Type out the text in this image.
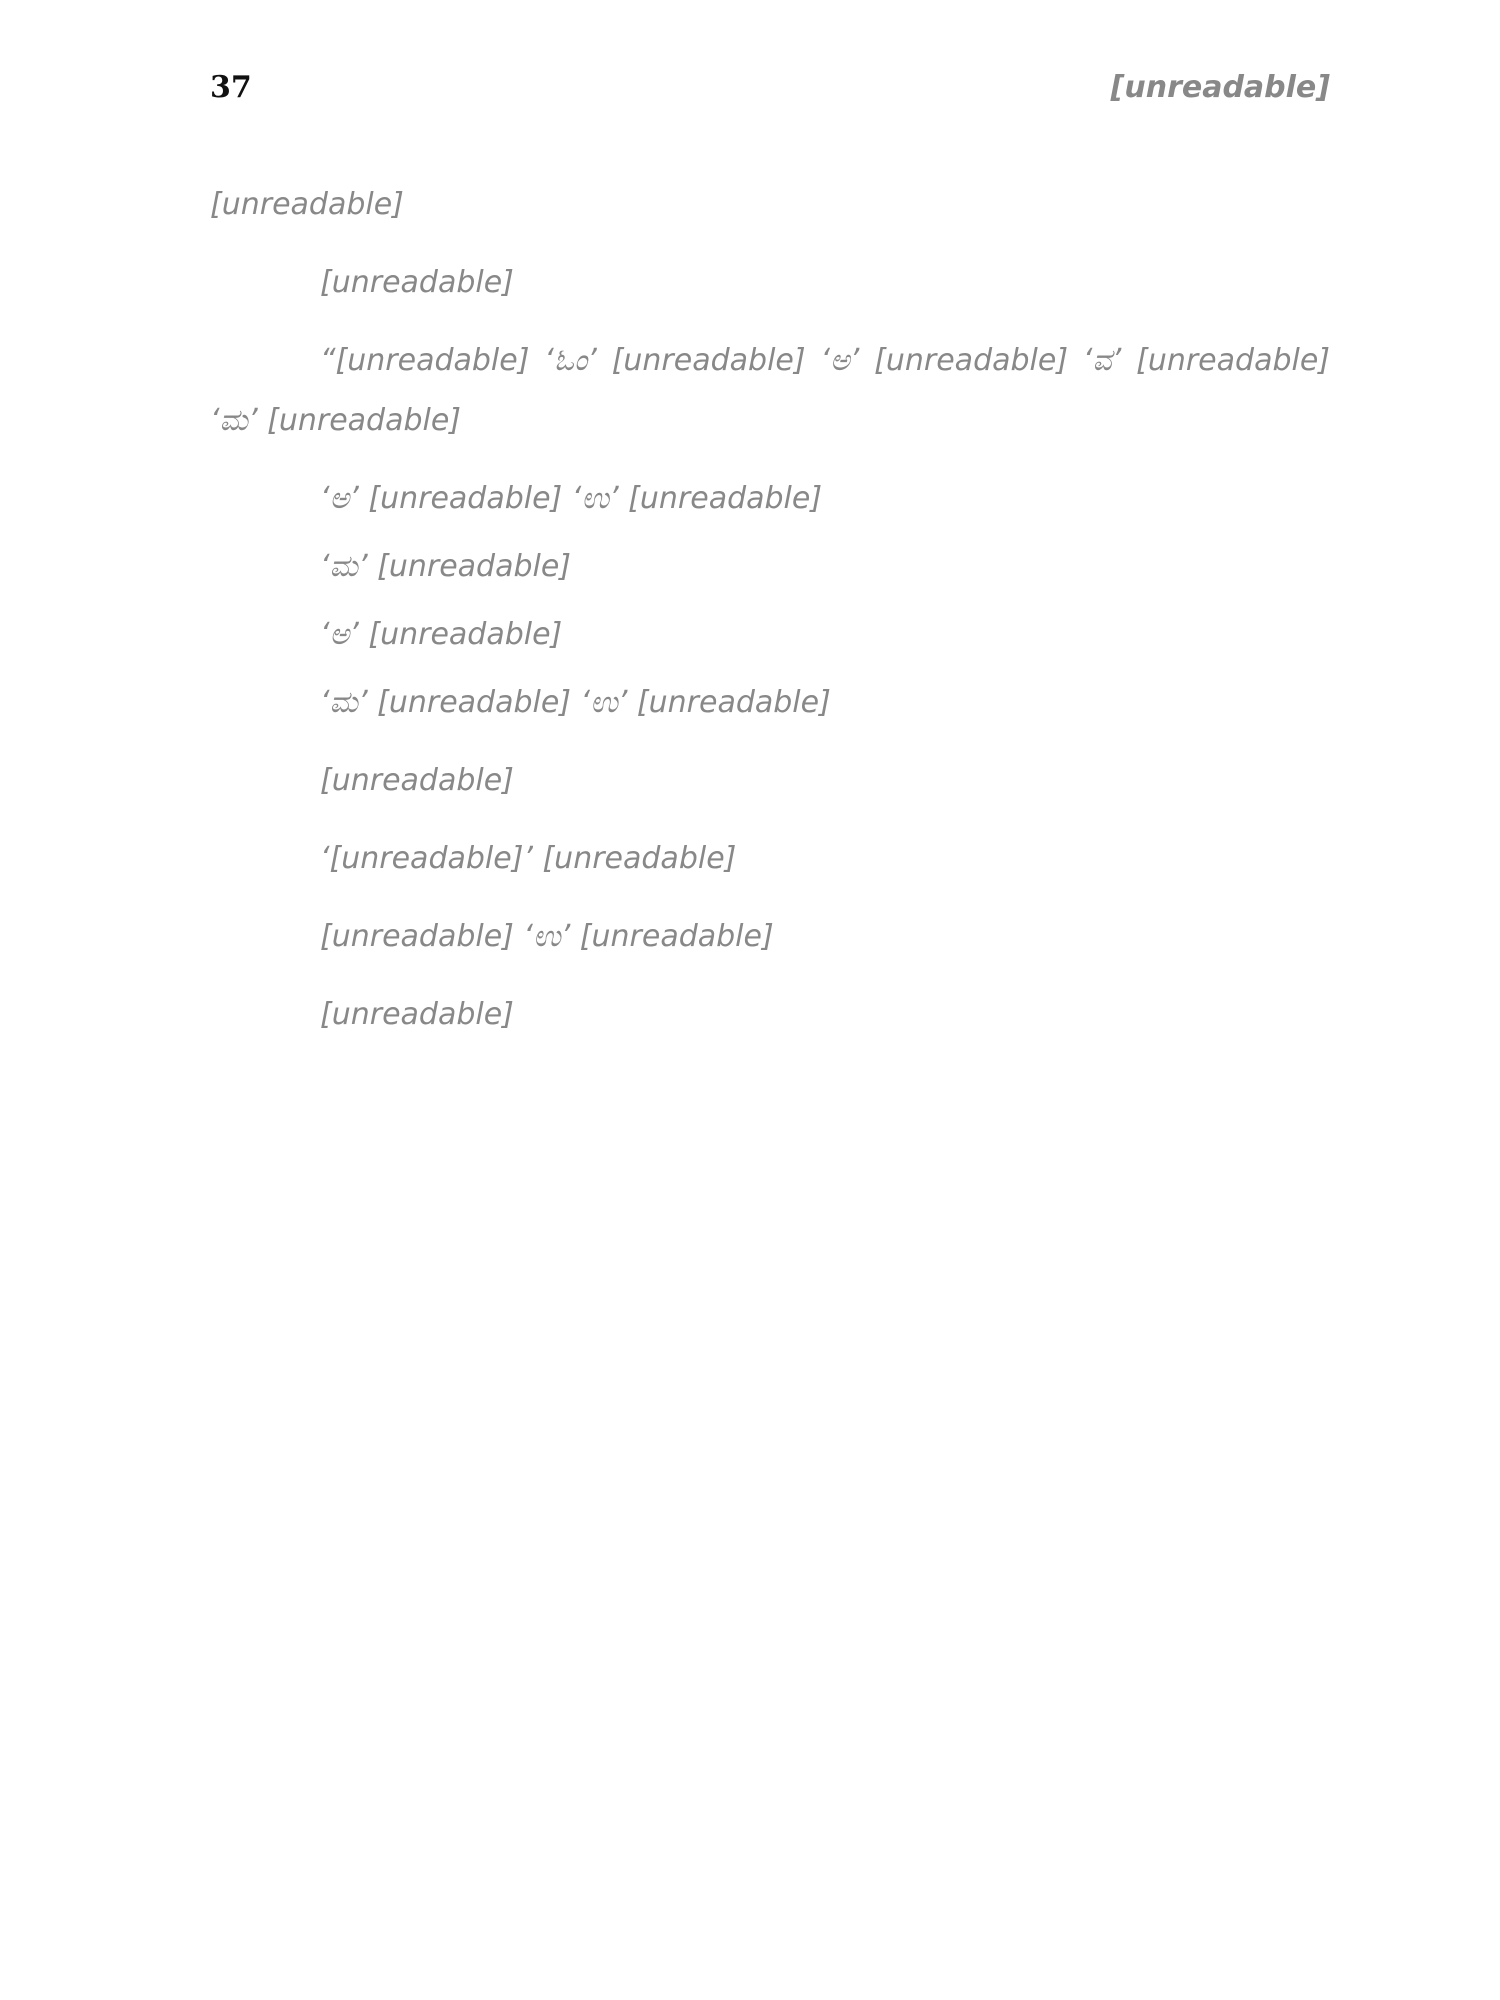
37	[unreadable]

[unreadable]

[unreadable]

“[unreadable] ‘ಓಂ’ [unreadable] ‘ಅ’ [unreadable] ‘ವ’ [unreadable] ‘ಮ’ [unreadable]

‘ಅ’ [unreadable] ‘ಉ’ [unreadable]

‘ಮ’ [unreadable]

‘ಅ’ [unreadable]

‘ಮ’ [unreadable] ‘ಉ’ [unreadable]

[unreadable]

‘[unreadable]’ [unreadable]

[unreadable] ‘ಉ’ [unreadable]

[unreadable]
